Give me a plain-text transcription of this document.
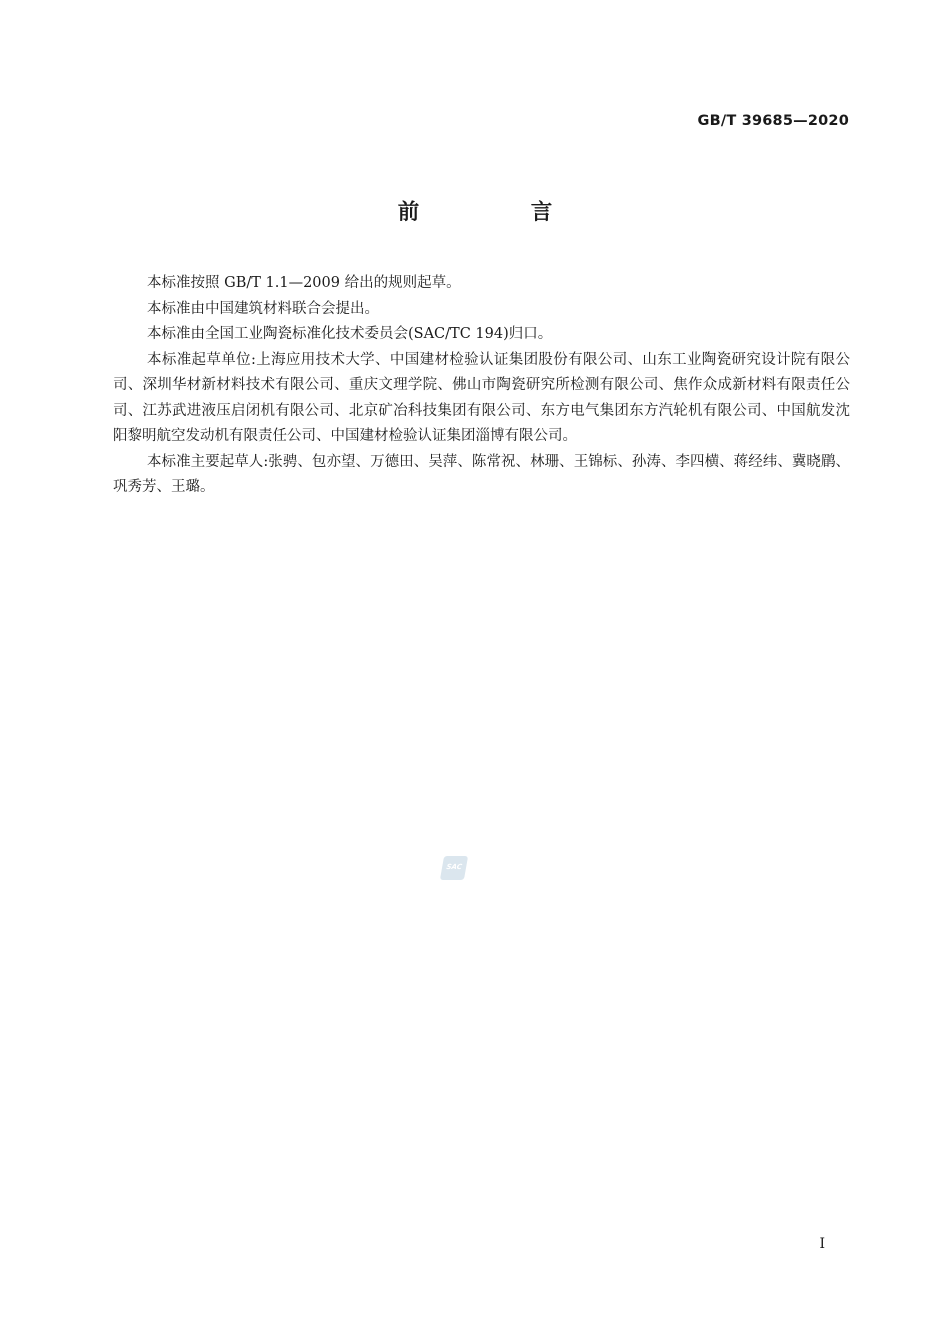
GB/T 39685—2020
前 言

本标准按照 GB/T 1.1—2009 给出的规则起草。

本标准由中国建筑材料联合会提出。

本标准由全国工业陶瓷标准化技术委员会(SAC/TC 194)归口。

本标准起草单位:上海应用技术大学、中国建材检验认证集团股份有限公司、山东工业陶瓷研究设计院有限公司、深圳华材新材料技术有限公司、重庆文理学院、佛山市陶瓷研究所检测有限公司、焦作众成新材料有限责任公司、江苏武进液压启闭机有限公司、北京矿冶科技集团有限公司、东方电气集团东方汽轮机有限公司、中国航发沈阳黎明航空发动机有限责任公司、中国建材检验认证集团淄博有限公司。

本标准主要起草人:张骋、包亦望、万德田、吴萍、陈常祝、林珊、王锦标、孙涛、李四横、蒋经纬、冀晓鹛、巩秀芳、王璐。

SAC
I
